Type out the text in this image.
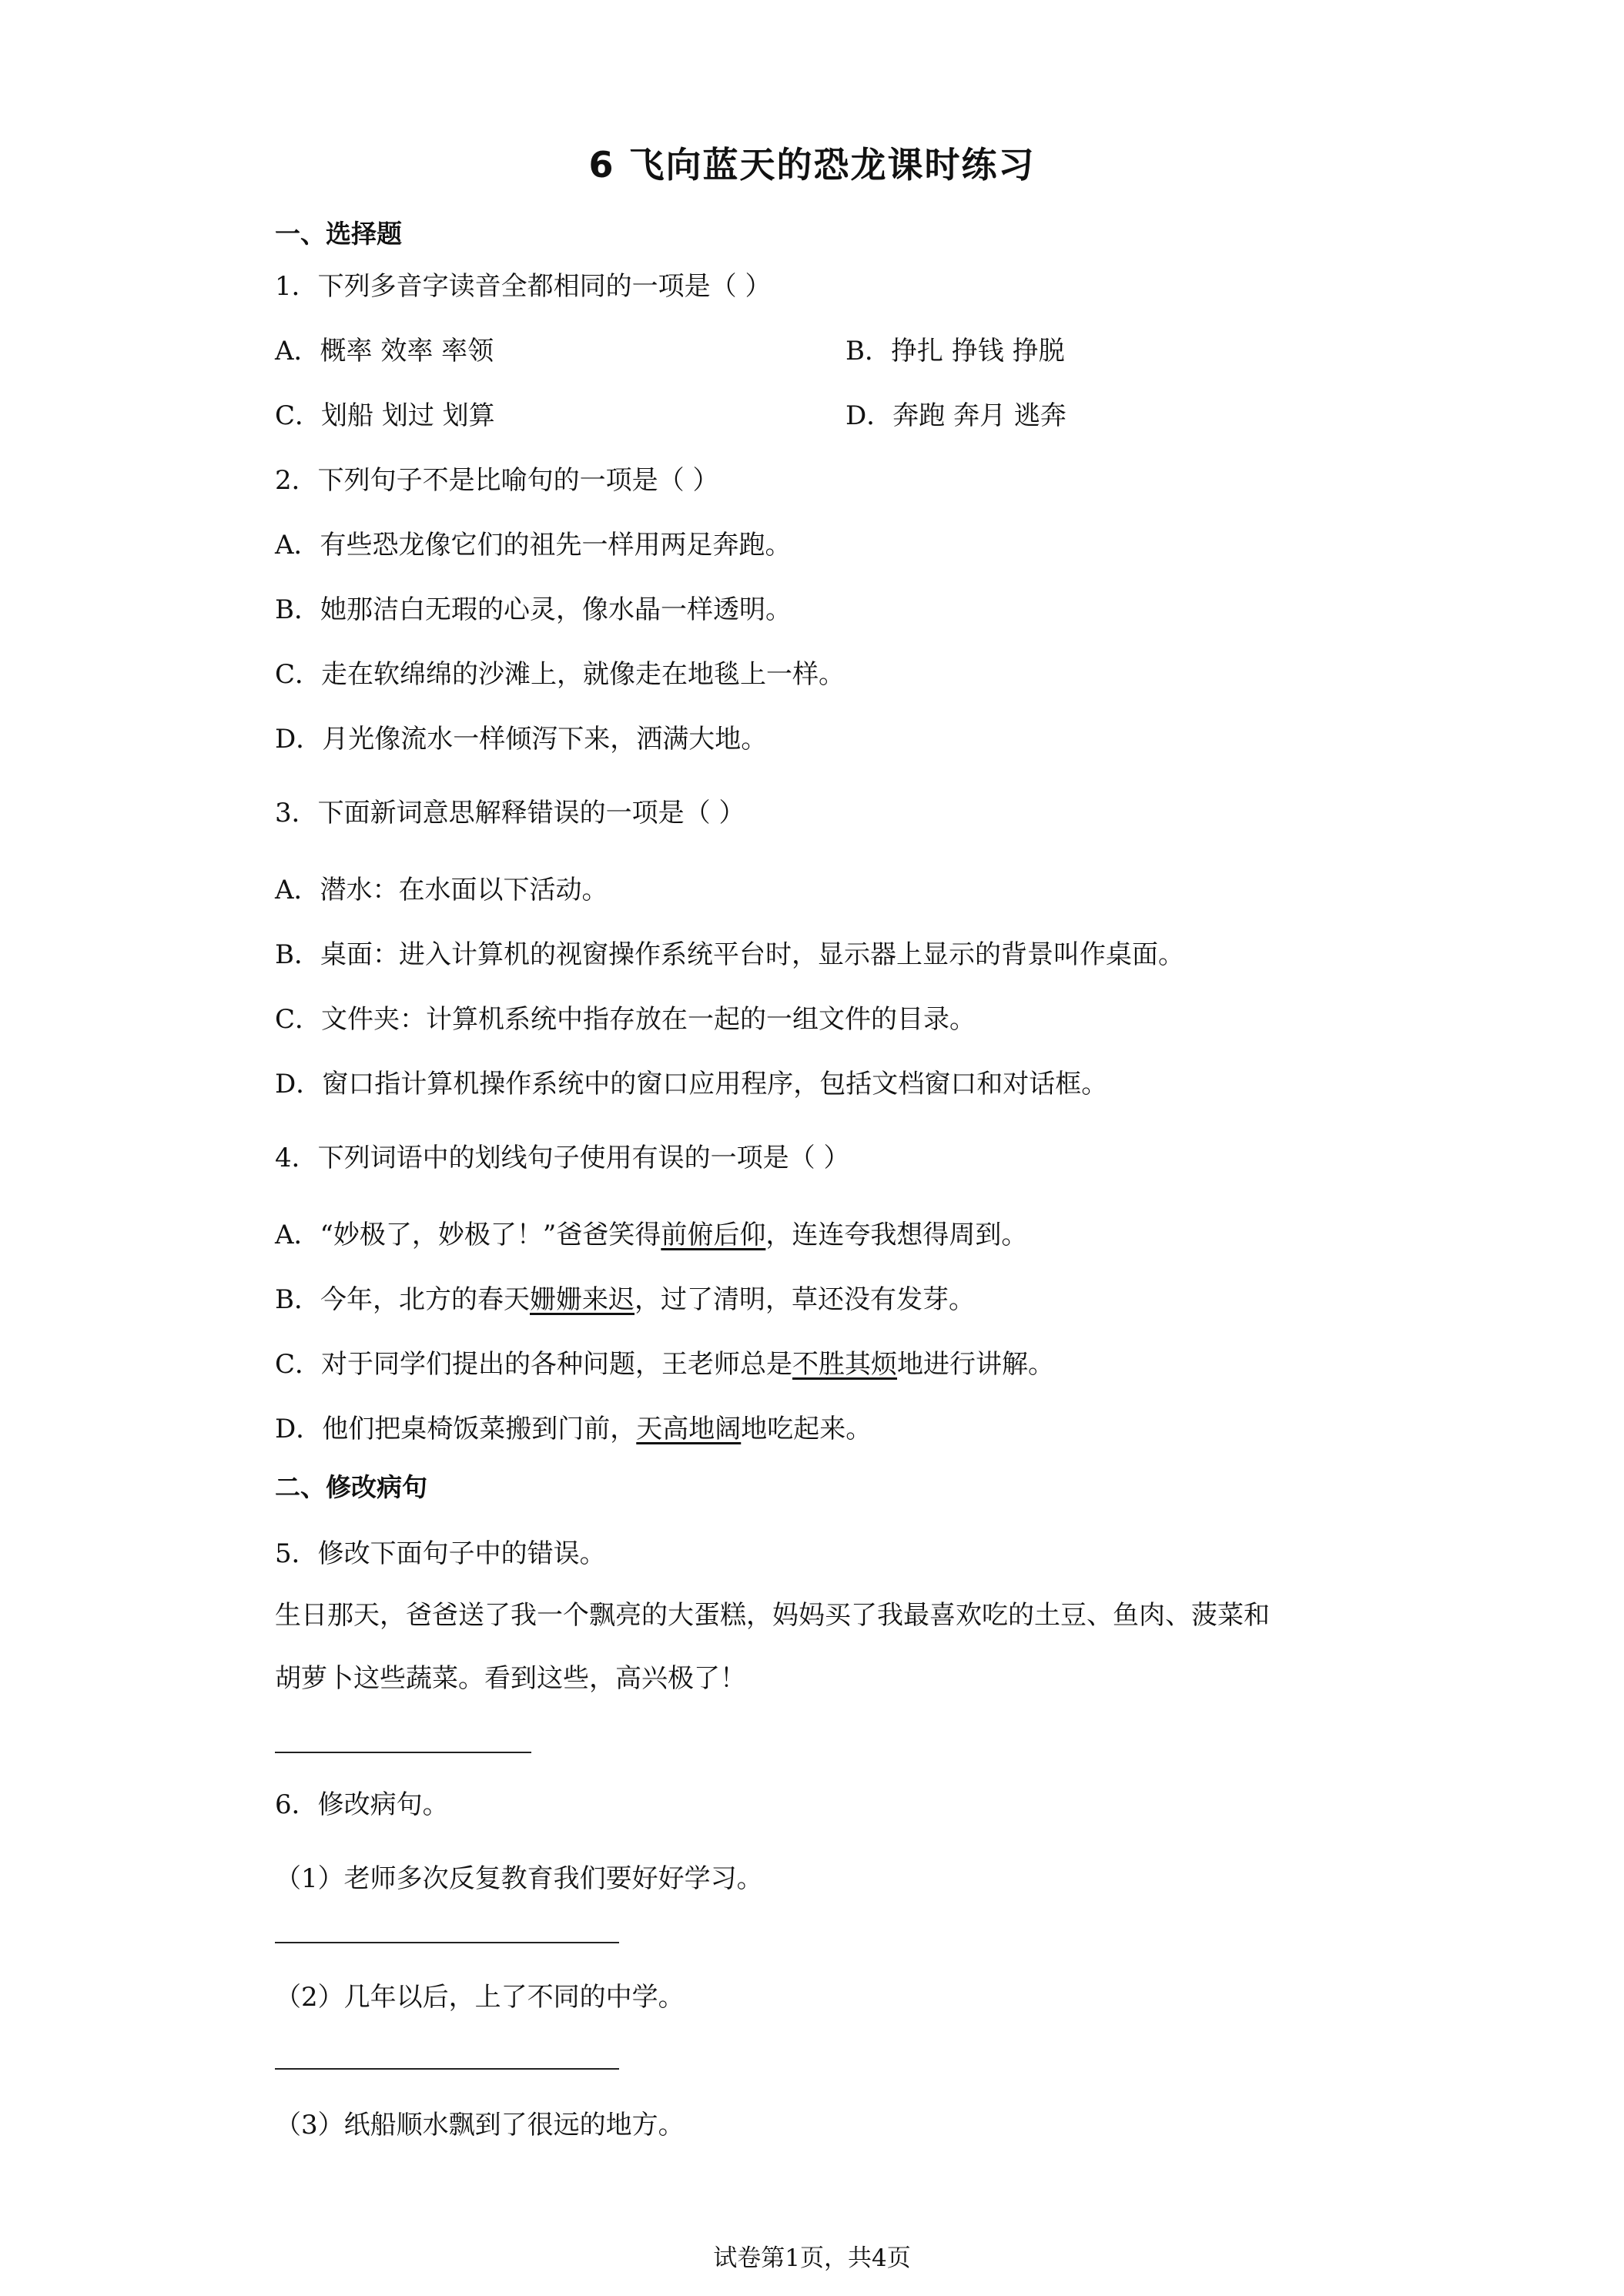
6 飞向蓝天的恐龙课时练习
一、选择题
1．下列多音字读音全都相同的一项是（ ）
A．概率 效率 率领	B．挣扎 挣钱 挣脱
C．划船 划过 划算	D．奔跑 奔月 逃奔
2．下列句子不是比喻句的一项是（ ）
A．有些恐龙像它们的祖先一样用两足奔跑。
B．她那洁白无瑕的心灵，像水晶一样透明。
C．走在软绵绵的沙滩上，就像走在地毯上一样。
D．月光像流水一样倾泻下来，洒满大地。
3．下面新词意思解释错误的一项是（ ）
A．潜水：在水面以下活动。
B．桌面：进入计算机的视窗操作系统平台时，显示器上显示的背景叫作桌面。
C．文件夹：计算机系统中指存放在一起的一组文件的目录。
D．窗口指计算机操作系统中的窗口应用程序，包括文档窗口和对话框。
4．下列词语中的划线句子使用有误的一项是（ ）
A．“妙极了，妙极了！”爸爸笑得前俯后仰，连连夸我想得周到。
B．今年，北方的春天姗姗来迟，过了清明，草还没有发芽。
C．对于同学们提出的各种问题，王老师总是不胜其烦地进行讲解。
D．他们把桌椅饭菜搬到门前，天高地阔地吃起来。
二、修改病句
5．修改下面句子中的错误。
生日那天，爸爸送了我一个飘亮的大蛋糕，妈妈买了我最喜欢吃的土豆、鱼肉、菠菜和
胡萝卜这些蔬菜。看到这些，高兴极了！
6．修改病句。
（1）老师多次反复教育我们要好好学习。
（2）几年以后，上了不同的中学。
（3）纸船顺水飘到了很远的地方。
试卷第1页，共4页
